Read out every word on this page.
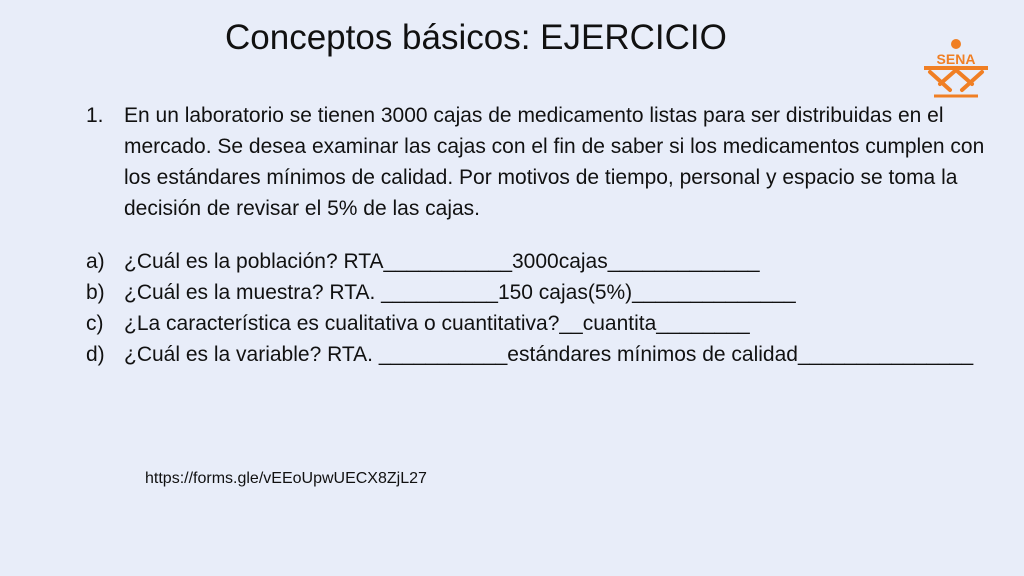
Conceptos básicos: EJERCICIO
SENA
1. En un laboratorio se tienen 3000 cajas de medicamento listas para ser distribuidas en el mercado. Se desea examinar las cajas con el fin de saber si los medicamentos cumplen con los estándares mínimos de calidad. Por motivos de tiempo, personal y espacio se toma la decisión de revisar el 5% de las cajas.
a) ¿Cuál es la población? RTA___________3000cajas_____________
b) ¿Cuál es la muestra? RTA. __________150 cajas(5%)______________
c) ¿La característica es cualitativa o cuantitativa?__cuantita________
d) ¿Cuál es la variable? RTA. ___________estándares mínimos de calidad_______________
https://forms.gle/vEEoUpwUECX8ZjL27
